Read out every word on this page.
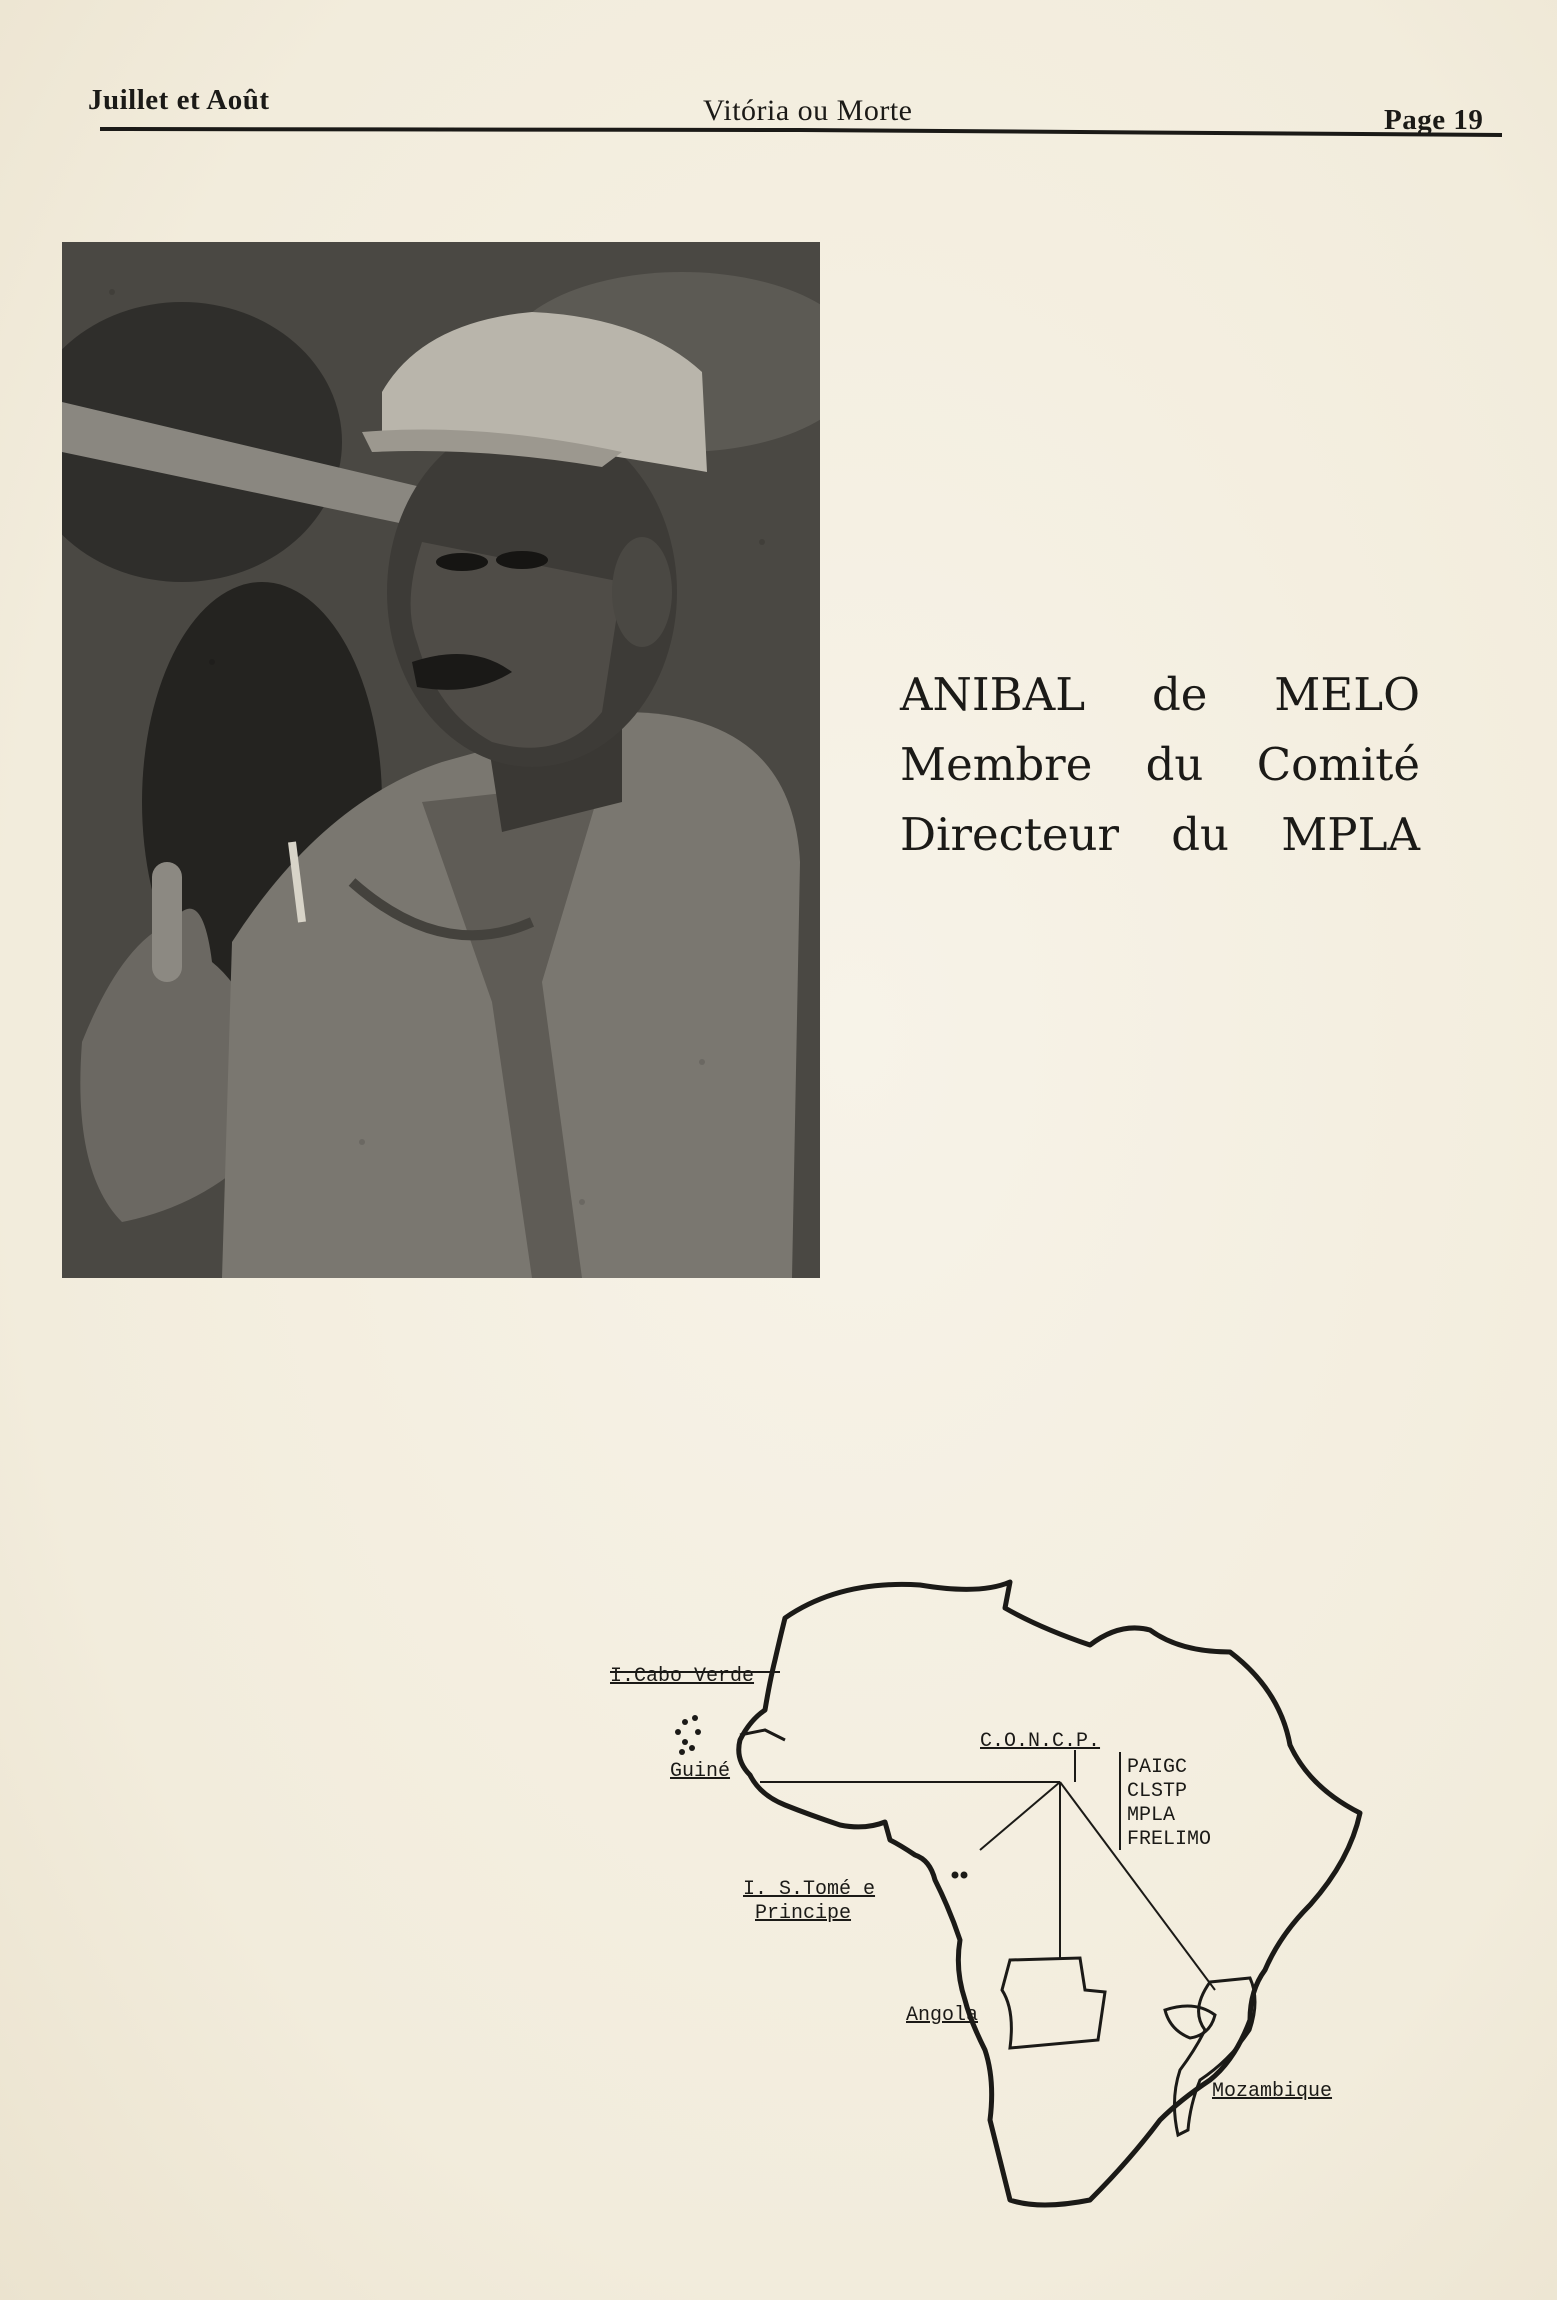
Juillet et Août	Vitória ou Morte	Page 19
ANIBAL de MELO
Membre du Comité
Directeur du MPLA
I.Cabo Verde
Guiné
C.O.N.C.P.
PAIGC
CLSTP
MPLA
FRELIMO
I. S.Tomé e
Principe
Angola
Mozambique
